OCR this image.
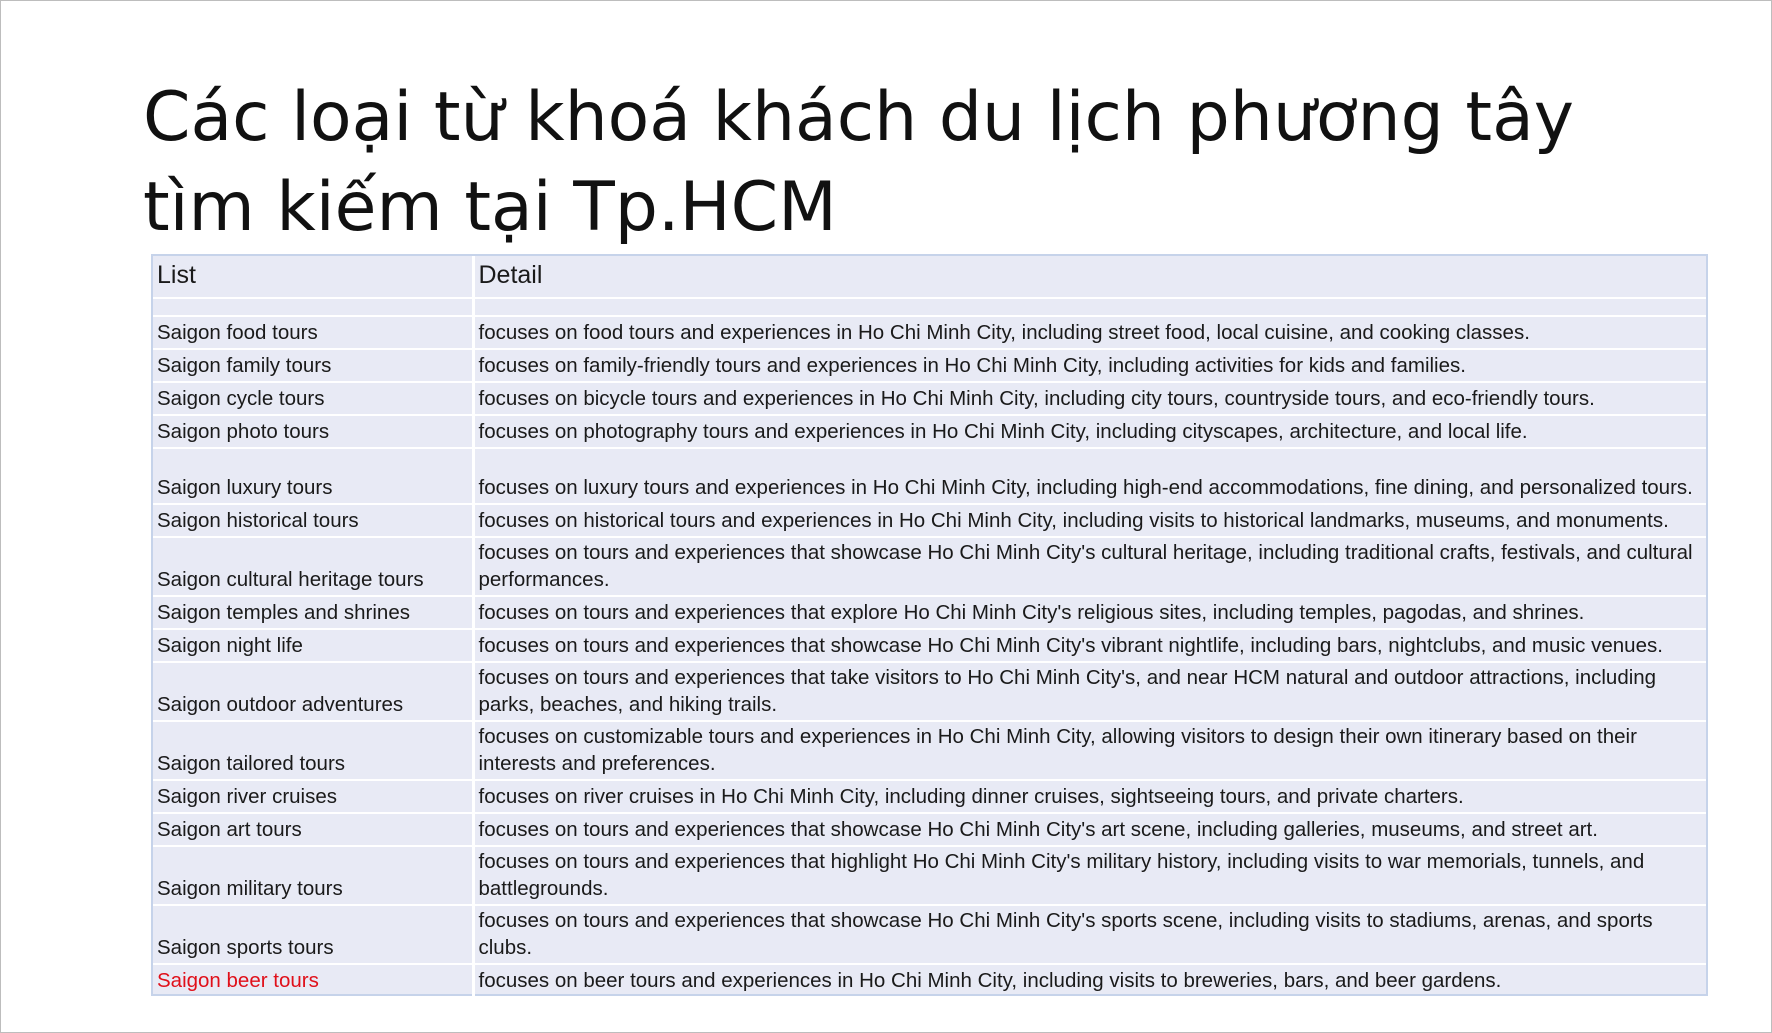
Các loại từ khoá khách du lịch phương tây
tìm kiếm tại Tp.HCM
List	Detail

Saigon food tours	focuses on food tours and experiences in Ho Chi Minh City, including street food, local cuisine, and cooking classes.
Saigon family tours	focuses on family-friendly tours and experiences in Ho Chi Minh City, including activities for kids and families.
Saigon cycle tours	focuses on bicycle tours and experiences in Ho Chi Minh City, including city tours, countryside tours, and eco-friendly tours.
Saigon photo tours	focuses on photography tours and experiences in Ho Chi Minh City, including cityscapes, architecture, and local life.
Saigon luxury tours	focuses on luxury tours and experiences in Ho Chi Minh City, including high-end accommodations, fine dining, and personalized tours.
Saigon historical tours	focuses on historical tours and experiences in Ho Chi Minh City, including visits to historical landmarks, museums, and monuments.
Saigon cultural heritage tours	focuses on tours and experiences that showcase Ho Chi Minh City's cultural heritage, including traditional crafts, festivals, and cultural performances.
Saigon temples and shrines	focuses on tours and experiences that explore Ho Chi Minh City's religious sites, including temples, pagodas, and shrines.
Saigon night life	focuses on tours and experiences that showcase Ho Chi Minh City's vibrant nightlife, including bars, nightclubs, and music venues.
Saigon outdoor adventures	focuses on tours and experiences that take visitors to Ho Chi Minh City's, and near HCM natural and outdoor attractions, including parks, beaches, and hiking trails.
Saigon tailored tours	focuses on customizable tours and experiences in Ho Chi Minh City, allowing visitors to design their own itinerary based on their interests and preferences.
Saigon river cruises	focuses on river cruises in Ho Chi Minh City, including dinner cruises, sightseeing tours, and private charters.
Saigon art tours	focuses on tours and experiences that showcase Ho Chi Minh City's art scene, including galleries, museums, and street art.
Saigon military tours	focuses on tours and experiences that highlight Ho Chi Minh City's military history, including visits to war memorials, tunnels, and battlegrounds.
Saigon sports tours	focuses on tours and experiences that showcase Ho Chi Minh City's sports scene, including visits to stadiums, arenas, and sports clubs.
Saigon beer tours	focuses on beer tours and experiences in Ho Chi Minh City, including visits to breweries, bars, and beer gardens.
